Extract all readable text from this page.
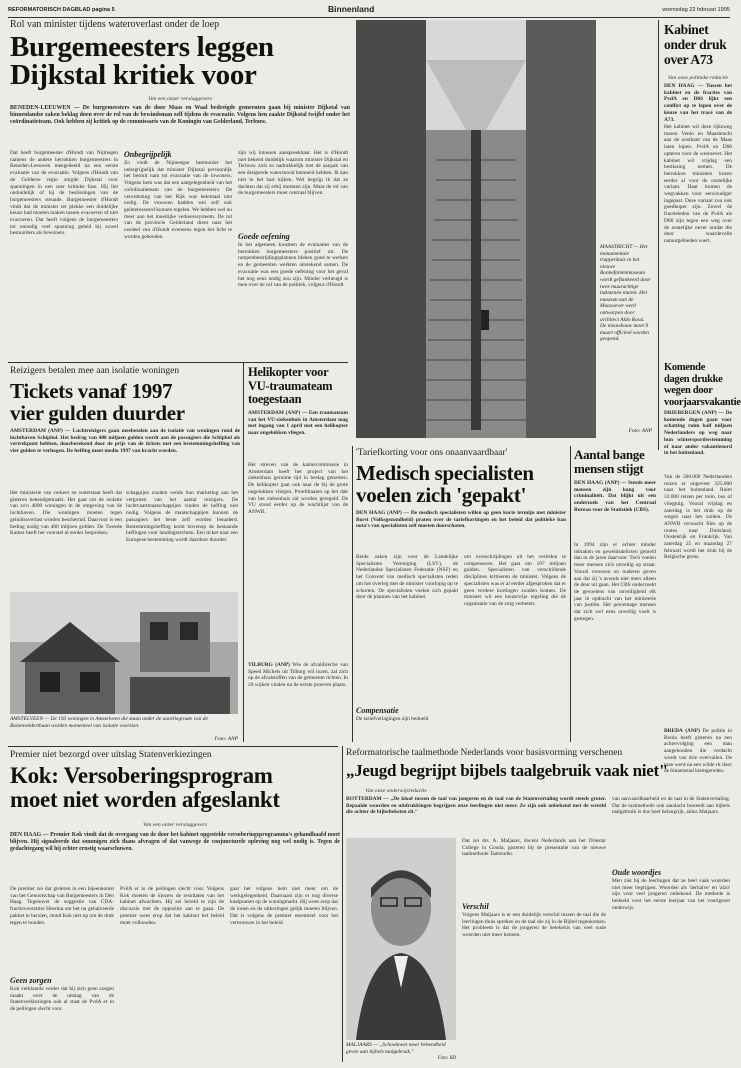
REFORMATORISCH DAGBLAD pagina 5	Binnenland	woensdag 22 februari 1995
Rol van minister tijdens wateroverlast onder de loep
Burgemeesters leggen
Dijkstal kritiek voor
Van een onzer verslaggevers
BENEDEN-LEEUWEN — De burgemeesters van de door Maas en Waal bedreigde gemeenten gaan bij minister Dijkstal van binnenlandse zaken beklag doen over de rol van de bewindsman zelf tijdens de evacuatie. Volgens hen zaakte Dijkstal twijfel onder het coördinatieteam. Ook hebben zij kritiek op de commissaris van de Koningin van Gelderland, Terlouw.
Dat heeft burgemeester d'Hondt van Nijmegen namens de andere betrokken burgemeesters in Beneden-Leeuwen meegedeeld na een eerste evaluatie van de evacuatie. Volgens d'Hondt van de Gelderse regio zorgde Dijkstal voor spanningen in een zeer kritieke fase. Hij liet onduidelijk of hij de beslissingen van de burgemeesters steunde. Burgemeester d'Hondt vindt dat de minister ter plekke een duidelijke keuze had moeten maken tussen evacueren of niet evacueren. Dat heeft volgens de burgemeesters tot onnodig veel spanning geleid bij zowel bestuurders als bewoners.
Onbegrijpelijk
Zo vindt de Nijmeegse bestuurder het onbegrijpelijk dat minister Dijkstal persoonlijk het besluit nam tot evacuatie van de inwoners. Volgens hem was dat een aangelegenheid van het coördinatieteam van de burgemeesters. De verordening van het Rijk was helemaal niet nodig. De vrouwen hadden wel zelf ook geïnteresseerd kunnen regelen. We hebben wel nu meer aan het moeilijke verkeerssysteem. De rol van de provincie Gelderland dient naar het oordeel van d'Hondt eveneens tegen het licht te worden gehouden.
zijn wij intussen aanspreekbaar. Het is d'Hondt niet bekend duidelijk waarom minister Dijkstal en Terlouw zich zo nadrukkelijk met de aanpak van een dreigende watersnood bemoeid hebben. Ik kan niet in het hart kijken. Wel begrijp ik dat ze dachten dat zij erbij moesten zijn. Maar de rol van de burgemeesters moet centraal blijven.
Goede oefening
In het algemeen kwamen de evaluaties van de betrokken burgemeesters positief uit. De rampenbestrijdingsplannen bleken goed te werken en de gemeenten werkten uitstekend samen. De evacuatie was een goede oefening voor het geval het nog eens nodig zou zijn. Minder verheugd is men over de rol van de politiek, volgens d'Hondt.
MAASTRICHT — Het monumentale trappenhuis in het nieuwe Bonnefantenmuseum wordt geflankeerd door twee muurachtige bakstenen muren. Het museum aan de Maasoever werd ontworpen door architect Aldo Rossi. De nieuwbouw moet 9 maart officieel worden geopend.
Foto: ANP
Kabinet onder druk over A73
Van onze politieke redactie
DEN HAAG — Tussen het kabinet en de fracties van PvdA en D66 lijkt een conflict op te lopen over de keuze van het tracé van de A73.
Het kabinet wil deze rijksweg tussen Venlo en Maasbracht aan de oostkant van de Maas laten lopen. PvdA en D66 opteren voor de westoever. Het kabinet wil vrijdag een beslissing nemen. De betrokken ministers kozen eerder al voor de oostelijke variant. Daar komen de wegvakken voor eenvoudiger ingepast. Deze variant zou ook goedkoper zijn. Zowel de fractieleden van de PvdA als D66 zijn tegen een weg over de oostelijke oever omdat die door waardevolle natuurgebieden voert.
Komende dagen drukke wegen door voorjaarsvakantie
DRIEBERGEN (ANP) — De komende dagen gaan voor schatting ruim half miljoen Nederlanders op weg naar hun wintersportbestemming of naar ander vakantieoord in het buitenland.
Van de 500.000 Nederlanders reizen er ongeveer 325.000 naar het buitenland. Ruim 33.000 reizen per trein, bus of vliegtuig. Vooral vrijdag en zaterdag is het druk op de wegen naar het zuiden. De ANWB verwacht files op de routes naar Duitsland, Oostenrijk en Frankrijk. Van zaterdag 25 en maandag 27 februari wordt het druk bij de Belgische grens.
BREDA (ANP) De politie in Breda heeft gisteren na een achtervolging een man aangehouden die verdacht wordt van drie overvallen. De man werd na een wilde rit door de binnenstad klemgereden.
Reizigers betalen mee aan isolatie woningen
Tickets vanaf 1997
vier gulden duurder
AMSTERDAM (ANP) — Luchtreizigers gaan meebetalen aan de isolatie van woningen rond de luchthaven Schiphol. Het bedrag van 400 miljoen gulden wordt aan de passagiers die Schiphol als vertrekpunt hebben, doorberekend door de prijs van de tickets met een bestemmingsheffing van vier gulden te verhogen. De heffing moet medio 1997 van kracht worden.
Het ministerie van verkeer en waterstaat heeft dat gisteren bekendgemaakt. Het gaat om de isolatie van zo'n 4000 woningen in de omgeving van de luchthaven. Die woningen moeten tegen geluidsoverlast worden beschermd. Daarvoor is een bedrag nodig van 400 miljoen gulden. De Tweede Kamer heeft het voorstel al eerder besproken.
schappijen zouden welde hun marketing aan het vergroten van het aantal reizigers. De luchtvaartmaatschappijen vinden de heffing niet nodig. Volgens de maatschappijen kunnen de passagiers het beste zelf worden benaderd. Bestemmingsheffing komt bovenop de bestaande heffingen voor landingsrechten. Een ticket naar een Europese bestemming wordt daardoor duurder.
AMSTELVEEN — De 193 woningen in Amstelveen die staan onder de aanvliegroute van de Buitenveldertbaan worden momenteel van isolatie voorzien.
Foto: ANP
Helikopter voor VU-traumateam toegestaan
AMSTERDAM (ANP) — Een traumateam van het VU-ziekenhuis in Amsterdam mag met ingang van 1 april met een helikopter naar ongelukken vliegen.
Het streven van de kamercommissie in Amsterdam heeft het project van het ziekenhuis geruime tijd in beslag genomen. De helikopter gaat ook naar de bij de grote ongelukken vliegen. Proefdraaien op het dak van het ziekenhuis zal worden geregeld. De VU stond eerder op de wachtlijst van de ANWB.
TILBURG (ANP) Wie de afvaldirectie van Speed Michels uit Tilburg wil lozen, zal zich op de afvalstoffen van de gemeente richten. In 20 wijken vinden nu de eerste proeven plaats.
'Tariefkorting voor ons onaanvaardbaar'
Medisch specialisten
voelen zich 'gepakt'
DEN HAAG (ANP) — De medisch specialisten willen op geen korte termijn met minister Borst (Volksgezondheid) praten over de tariefkortingen en het beleid dat politieke ban nota's van specialisten zelf moeten doorschoten.
Beide zaken zijn voor de Landelijke Specialisten Vereniging (LSV), de Nederlandse Specialisten Federatie (NSF) en het Convent van medisch specialisten reden om het overleg met de minister voorlopig op te schorten. De specialisten voelen zich gepakt door de plannen van het kabinet.
Compensatie
De tariefverlagingen zijn bedoeld
om overschrijdingen uit het verleden te compenseren. Het gaat om 107 miljoen gulden. Specialisten van verschillende disciplines kritiseren de minister. Volgens de specialisten was er al eerder afgesproken dat er geen verdere kortingen zouden komen. De minister wil een keuzevrije regeling die de organisatie van de zorg verbetert.
Aantal bange mensen stijgt
DEN HAAG (ANP) — Steeds meer mensen zijn bang voor criminaliteit. Dat blijkt uit een onderzoek van het Centraal Bureau voor de Statistiek (CBS).
In 1994 zijn er echter minder inbraken en geweldsdelicten gemeld dan in de jaren daarvoor. Toch voelen meer mensen zich onveilig op straat. Vooral vrouwen en ouderen geven aan dat zij 's avonds niet meer alleen de deur uit gaan. Het CBS onderzoekt de gevoelens van onveiligheid elk jaar in opdracht van het ministerie van justitie. Het percentage mensen dat zich wel eens onveilig voelt is gestegen.
Premier niet bezorgd over uitslag Statenverkiezingen
Kok: Versoberingsprogram
moet niet worden afgeslankt
Van een onzer verslaggevers
DEN HAAG — Premier Kok vindt dat de overgang van de door het kabinet opgestelde versoberingsprogramma's gehandhaafd moet blijven. Hij signaleerde dat sommigen zich thans afvragen of dat vanwege de conjuncturele opleving nog wel nodig is. Tegen de gedachtegang wil hij echter ernstig waarschuwen.
De premier zei dat gisteren in een bijeenkomst van het Genootschap van Burgemeesters in Den Haag. Tegenover de suggestie van CDA-fractievoorzitter Heerma om het nu gehalveerde pakket te herzien, stond Kok niet op om de druk tegen te houden.
Geen zorgen
Kok verklaarde verder dat hij zich geen zorgen maakt over de uitslag van de Statenverkiezingen ook al staat de PvdA er in de peilingen slecht voor.
PvdA er in de peilingen slecht voor. Volgens Kok moeten de kiezers de resultaten van het kabinet afwachten. Hij zei bereid te zijn de discussie met de oppositie aan te gaan. De premier wees erop dat het kabinet het beleid moet volhouden.
gaat het volgens hem niet meer om de werkgelegenheid. Daarnaast zijn er nog diverse knelpunten op de woningmarkt. Hij wees erop dat de lonen en de uitkeringen gelijk moeten blijven. Dat is volgens de premier essentieel voor het vertrouwen in het beleid.
Reformatorische taalmethode Nederlands voor basisvorming verschenen
„Jeugd begrijpt bijbels taalgebruik vaak niet"
Van onze onderwijsredactie
ROTTERDAM — „De kloof tussen de taal van jongeren en de taal van de Statenvertaling wordt steeds groter. Bepaalde woorden en uitdrukkingen begrijpen onze leerlingen niet meer. Ze zijn ook onbekend met de wereld die achter de bijbelteksten zit."
MALJAARS — „Schoolmoet meer behendheid geven aan bijbels taalgebruik."
Foto: RD
Dat zei drs. A. Maljaars, docent Nederlands aan het Driestar College in Gouda, gisteren bij de presentatie van de nieuwe taalmethode Taalstudio.
Verschil
Volgens Maljaars is er een duidelijk verschil tussen de taal die de leerlingen thuis spreken en de taal die zij in de Bijbel tegenkomen. Het probleem is dat de jongeren de betekenis van veel oude woorden niet meer kennen.
van aanvaardbaarheid en de taal in de Statenvertaling. Dat de taalmethode ook aandacht besteedt aan bijbels taalgebruik is dus heel belangrijk, aldus Maljaars.
Oude woordjes
Men ziet bij de leerlingen dat ze heel vaak woorden niet meer begrijpen. Woorden als 'derhalve' en 'alzo' zijn voor veel jongeren onbekend. De methode is bedoeld voor het eerste leerjaar van het voortgezet onderwijs.
